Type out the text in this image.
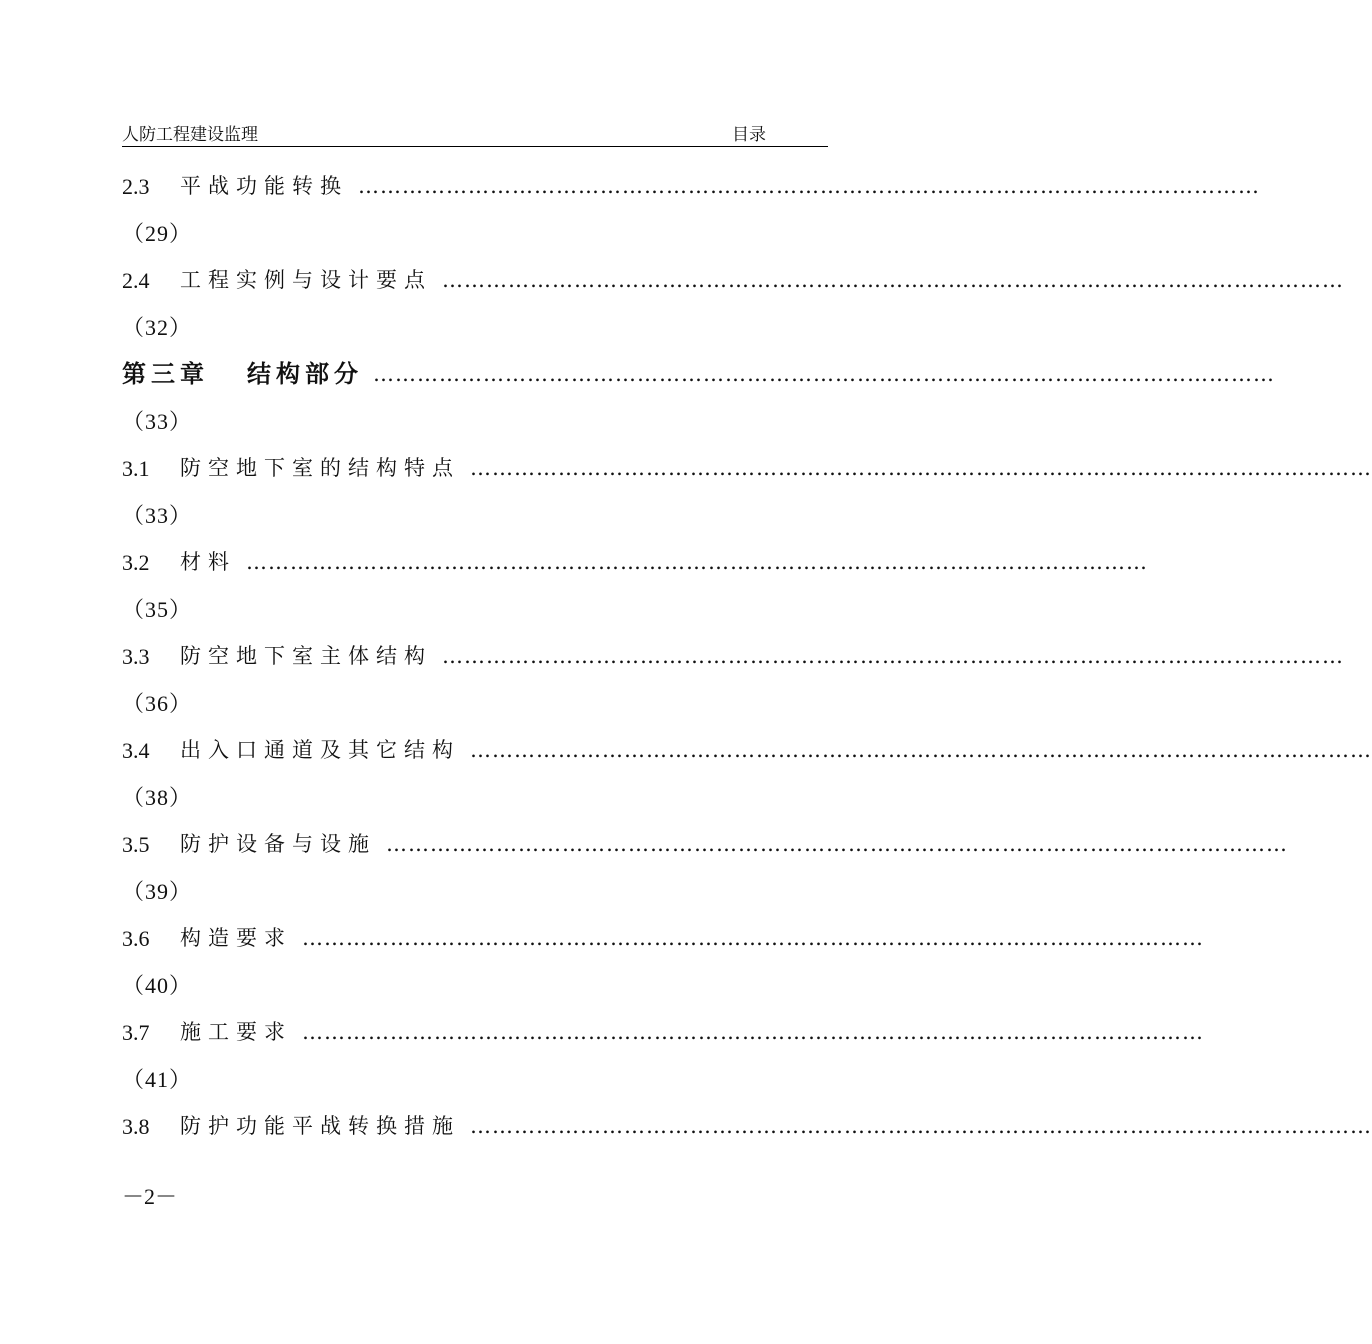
人防工程建设监理	目录
2.3	平战功能转换 ……………………………………………………………………………………………………………
（29）
2.4	工程实例与设计要点 ……………………………………………………………………………………………………………
（32）
第三章 结构部分 ……………………………………………………………………………………………………………
（33）
3.1	防空地下室的结构特点 ……………………………………………………………………………………………………………
（33）
3.2	材料 ……………………………………………………………………………………………………………
（35）
3.3	防空地下室主体结构 ……………………………………………………………………………………………………………
（36）
3.4	出入口通道及其它结构 ……………………………………………………………………………………………………………
（38）
3.5	防护设备与设施 ……………………………………………………………………………………………………………
（39）
3.6	构造要求 ……………………………………………………………………………………………………………
（40）
3.7	施工要求 ……………………………………………………………………………………………………………
（41）
3.8	防护功能平战转换措施 ……………………………………………………………………………………………………………
－2－
